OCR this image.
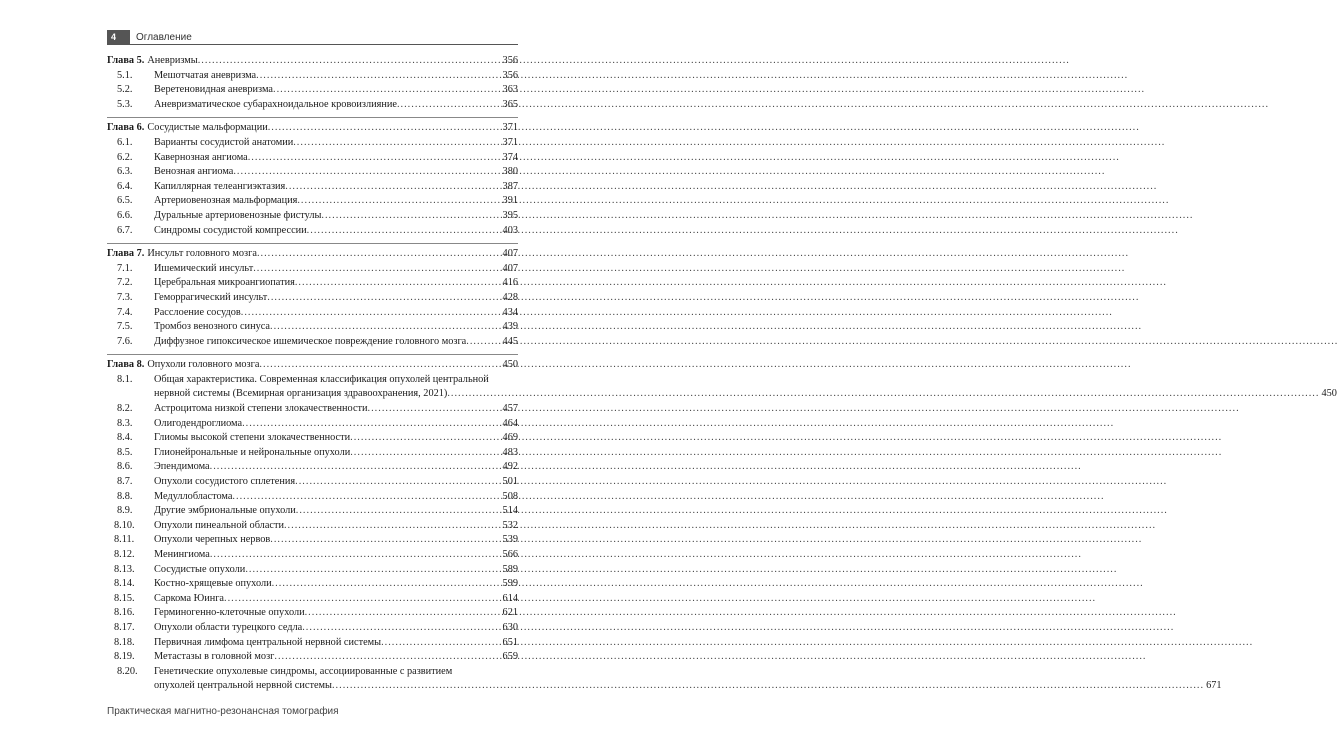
4	Оглавление
Глава 5. Аневризмы .....	356
5.1.	Мешотчатая аневризма .....	356
5.2.	Веретеновидная аневризма .....	363
5.3.	Аневризматическое субарахноидальное кровоизлияние .....	365
Глава 6. Сосудистые мальформации .....	371
6.1.	Варианты сосудистой анатомии .....	371
6.2.	Кавернозная ангиома .....	374
6.3.	Венозная ангиома .....	380
6.4.	Капиллярная телеангиэктазия .....	387
6.5.	Артериовенозная мальформация .....	391
6.6.	Дуральные артериовенозные фистулы .....	395
6.7.	Синдромы сосудистой компрессии .....	403
Глава 7. Инсульт головного мозга .....	407
7.1.	Ишемический инсульт .....	407
7.2.	Церебральная микроангиопатия .....	416
7.3.	Геморрагический инсульт .....	428
7.4.	Расслоение сосудов .....	434
7.5.	Тромбоз венозного синуса .....	439
7.6.	Диффузное гипоксическое ишемическое повреждение головного мозга .....	445
Глава 8. Опухоли головного мозга .....	450
8.1.	Общая характеристика. Современная классификация опухолей центральной
нервной системы (Всемирная организация здравоохранения, 2021) .....	450
8.2.	Астроцитома низкой степени злокачественности .....	457
8.3.	Олигодендроглиома .....	464
8.4.	Глиомы высокой степени злокачественности .....	469
8.5.	Глионейрональные и нейрональные опухоли .....	483
8.6.	Эпендимома .....	492
8.7.	Опухоли сосудистого сплетения .....	501
8.8.	Медуллобластома .....	508
8.9.	Другие эмбриональные опухоли .....	514
8.10.	Опухоли пинеальной области .....	532
8.11.	Опухоли черепных нервов .....	539
8.12.	Менингиома .....	566
8.13.	Сосудистые опухоли .....	589
8.14.	Костно-хрящевые опухоли .....	599
8.15.	Саркома Юинга .....	614
8.16.	Герминогенно-клеточные опухоли .....	621
8.17.	Опухоли области турецкого седла .....	630
8.18.	Первичная лимфома центральной нервной системы .....	651
8.19.	Метастазы в головной мозг .....	659
8.20.	Генетические опухолевые синдромы, ассоциированные с развитием
опухолей центральной нервной системы .....	671
Практическая магнитно-резонансная томография
